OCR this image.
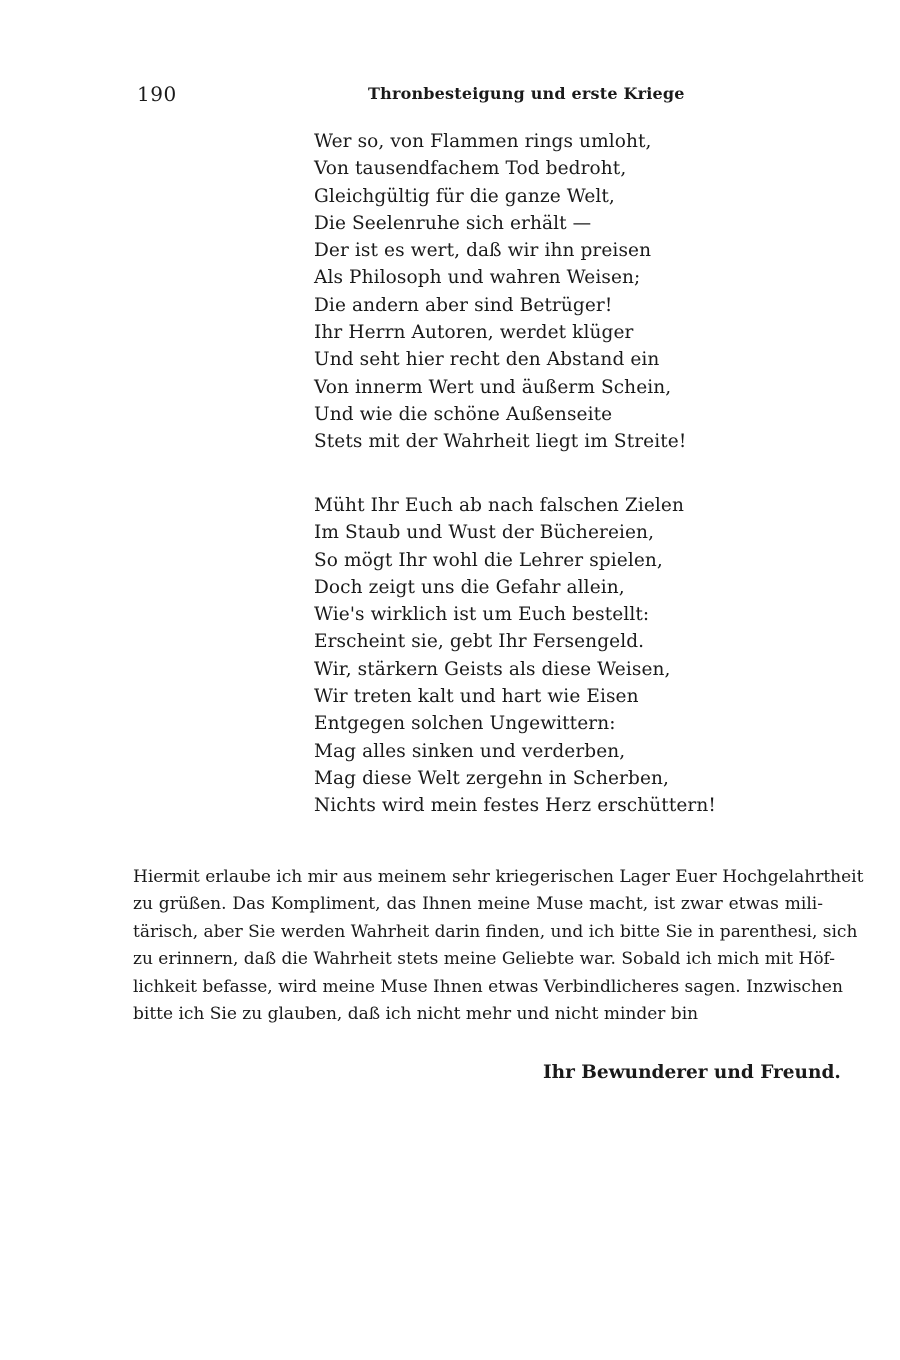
190	Thronbesteigung und erste Kriege
Wer so, von Flammen rings umloht,
Von tausendfachem Tod bedroht,
Gleichgültig für die ganze Welt,
Die Seelenruhe sich erhält —
Der ist es wert, daß wir ihn preisen
Als Philosoph und wahren Weisen;
Die andern aber sind Betrüger!
Ihr Herrn Autoren, werdet klüger
Und seht hier recht den Abstand ein
Von innerm Wert und äußerm Schein,
Und wie die schöne Außenseite
Stets mit der Wahrheit liegt im Streite!
Müht Ihr Euch ab nach falschen Zielen
Im Staub und Wust der Büchereien,
So mögt Ihr wohl die Lehrer spielen,
Doch zeigt uns die Gefahr allein,
Wie's wirklich ist um Euch bestellt:
Erscheint sie, gebt Ihr Fersengeld.
Wir, stärkern Geists als diese Weisen,
Wir treten kalt und hart wie Eisen
Entgegen solchen Ungewittern:
Mag alles sinken und verderben,
Mag diese Welt zergehn in Scherben,
Nichts wird mein festes Herz erschüttern!
Hiermit erlaube ich mir aus meinem sehr kriegerischen Lager Euer Hochgelahrtheit
zu grüßen. Das Kompliment, das Ihnen meine Muse macht, ist zwar etwas mili-
tärisch, aber Sie werden Wahrheit darin finden, und ich bitte Sie in parenthesi, sich
zu erinnern, daß die Wahrheit stets meine Geliebte war. Sobald ich mich mit Höf-
lichkeit befasse, wird meine Muse Ihnen etwas Verbindlicheres sagen. Inzwischen
bitte ich Sie zu glauben, daß ich nicht mehr und nicht minder bin
Ihr Bewunderer und Freund.
